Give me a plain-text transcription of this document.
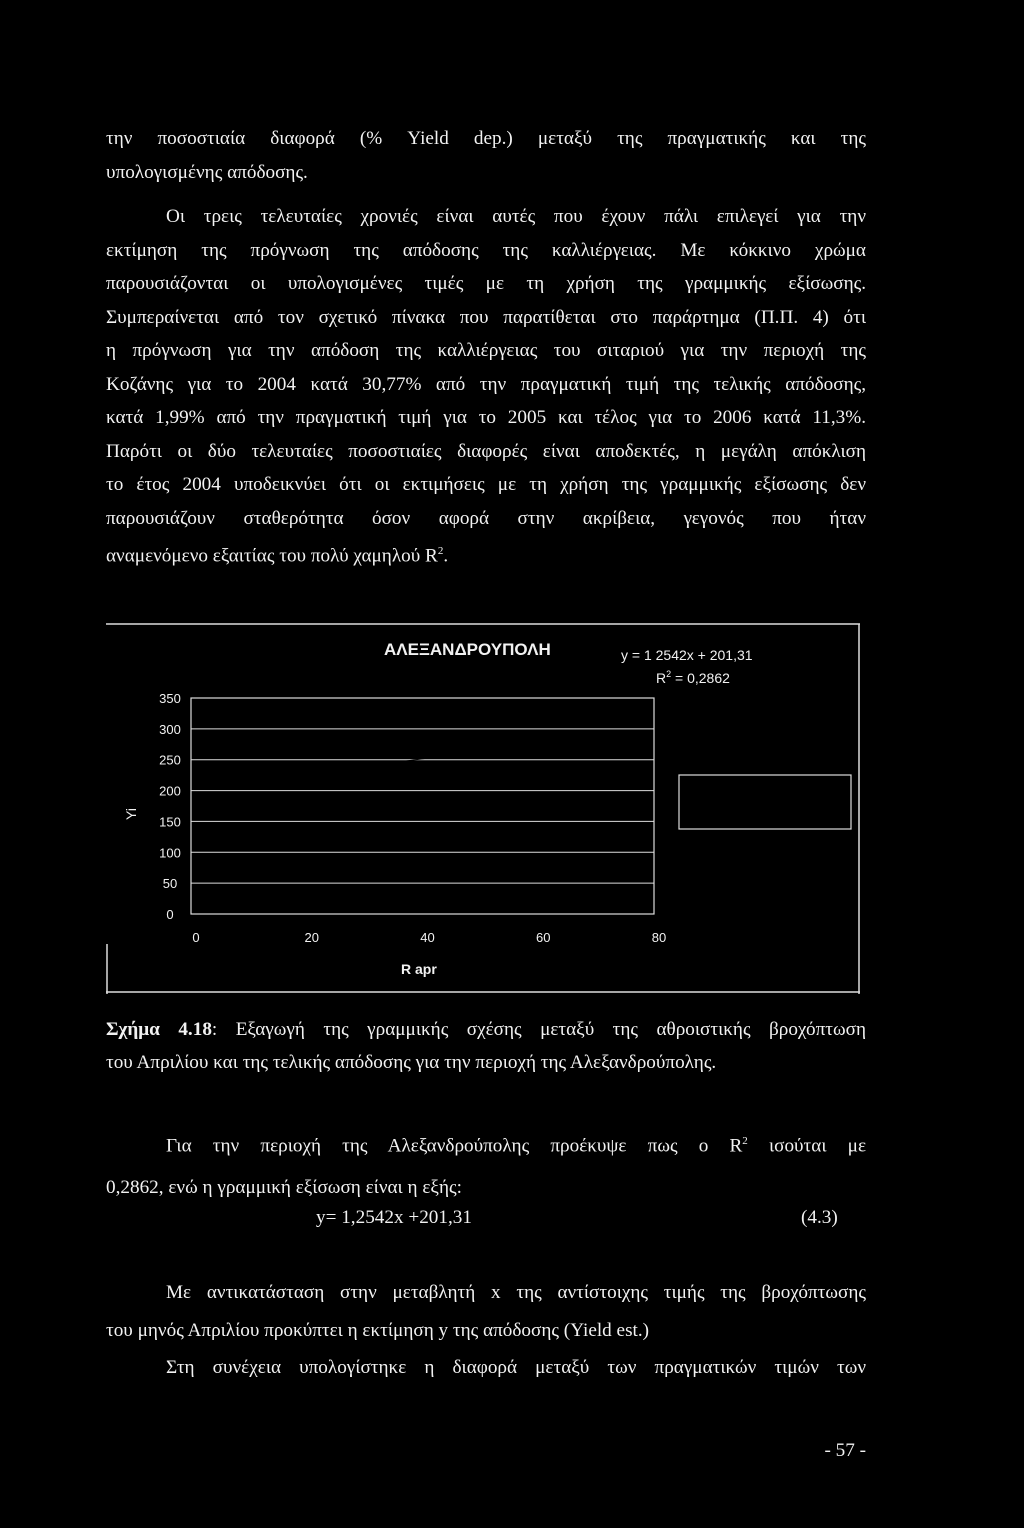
την ποσοστιαία διαφορά (% Yield dep.) μεταξύ της πραγματικής και της
υπολογισμένης απόδοσης.
Οι τρεις τελευταίες χρονιές είναι αυτές που έχουν πάλι επιλεγεί για την
εκτίμηση της πρόγνωση της απόδοσης της καλλιέργειας. Με κόκκινο χρώμα
παρουσιάζονται οι υπολογισμένες τιμές με τη χρήση της γραμμικής εξίσωσης.
Συμπεραίνεται από τον σχετικό πίνακα που παρατίθεται στο παράρτημα (Π.Π. 4) ότι
η πρόγνωση για την απόδοση της καλλιέργειας του σιταριού για την περιοχή της
Κοζάνης για το 2004 κατά 30,77% από την πραγματική τιμή της τελικής απόδοσης,
κατά 1,99% από την πραγματική τιμή για το 2005 και τέλος για το 2006 κατά 11,3%.
Παρότι οι δύο τελευταίες ποσοστιαίες διαφορές είναι αποδεκτές, η μεγάλη απόκλιση
το έτος 2004 υποδεικνύει ότι οι εκτιμήσεις με τη χρήση της γραμμικής εξίσωσης δεν
παρουσιάζουν σταθερότητα όσον αφορά στην ακρίβεια, γεγονός που ήταν
αναμενόμενο εξαιτίας του πολύ χαμηλού $R^2$.
ΑΛΕΞΑΝΔΡΟΥΠΟΛΗ	y = 1 2542x + 201,31
$R^2 = 0,2862$
350
300
250
200
150
100
50
0
0	20	40	60	80
Yi
R apr
Σχήμα 4.18: Εξαγωγή της γραμμικής σχέσης μεταξύ της αθροιστικής βροχόπτωση
του Απριλίου και της τελικής απόδοσης για την περιοχή της Αλεξανδρούπολης.
Για την περιοχή της Αλεξανδρούπολης προέκυψε πως ο $R^2$ ισούται με
0,2862, ενώ η γραμμική εξίσωση είναι η εξής:
y= 1,2542x +201,31	(4.3)
Με αντικατάσταση στην μεταβλητή x της αντίστοιχης τιμής της βροχόπτωσης
του μηνός Απριλίου προκύπτει η εκτίμηση y της απόδοσης (Yield est.)
Στη συνέχεια υπολογίστηκε η διαφορά μεταξύ των πραγματικών τιμών των
- 57 -
